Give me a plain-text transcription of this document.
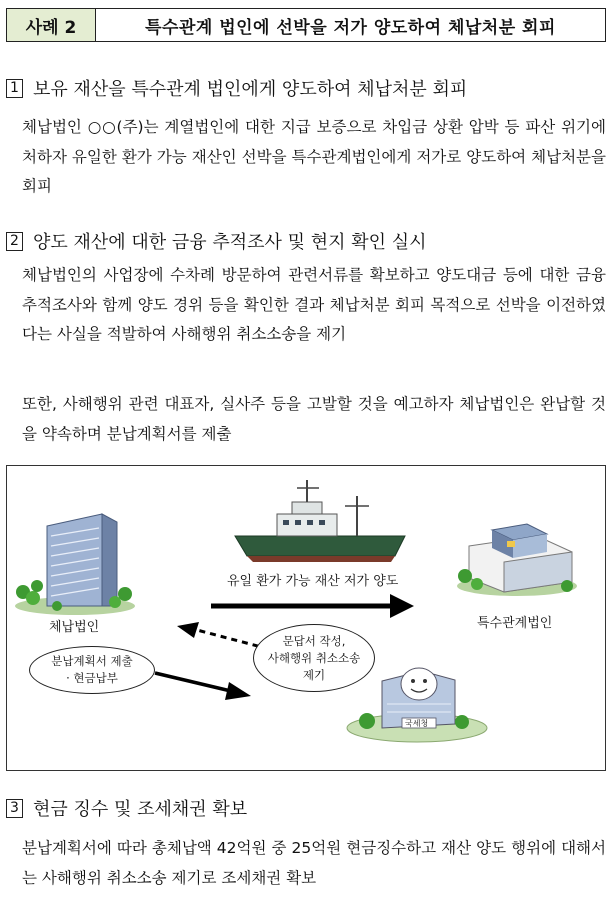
사례 2	특수관계 법인에 선박을 저가 양도하여 체납처분 회피
1 보유 재산을 특수관계 법인에게 양도하여 체납처분 회피

체납법인 ○○(주)는 계열법인에 대한 지급 보증으로 차입금 상환 압박 등 파산 위기에 처하자 유일한 환가 가능 재산인 선박을 특수관계법인에게 저가로 양도하여 체납처분을 회피

2 양도 재산에 대한 금융 추적조사 및 현지 확인 실시

체납법인의 사업장에 수차례 방문하여 관련서류를 확보하고 양도대금 등에 대한 금융 추적조사와 함께 양도 경위 등을 확인한 결과 체납처분 회피 목적으로 선박을 이전하였다는 사실을 적발하여 사해행위 취소소송을 제기

또한, 사해행위 관련 대표자, 실사주 등을 고발할 것을 예고하자 체납법인은 완납할 것을 약속하며 분납계획서를 제출

체납법인
유일 환가 가능 재산 저가 양도
특수관계법인
국세청
분납계획서 제출
· 현금납부
문답서 작성,
사해행위 취소소송
제기
3 현금 징수 및 조세채권 확보

분납계획서에 따라 총체납액 42억원 중 25억원 현금징수하고 재산 양도 행위에 대해서는 사해행위 취소소송 제기로 조세채권 확보
